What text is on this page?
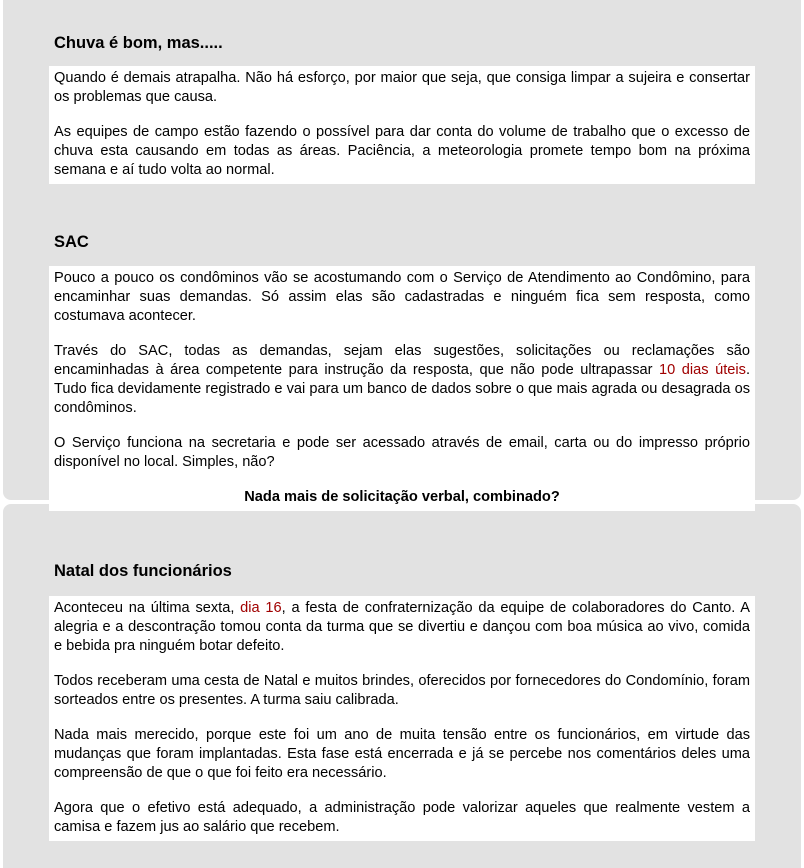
Chuva é bom, mas.....

Quando é demais atrapalha. Não há esforço, por maior que seja, que consiga limpar a sujeira e consertar os problemas que causa.

As equipes de campo estão fazendo o possível para dar conta do volume de trabalho que o excesso de chuva esta causando em todas as áreas. Paciência, a meteorologia promete tempo bom na próxima semana e aí tudo volta ao normal.

SAC

Pouco a pouco os condôminos vão se acostumando com o Serviço de Atendimento ao Condômino, para encaminhar suas demandas. Só assim elas são cadastradas e ninguém fica sem resposta, como costumava acontecer.

Través do SAC, todas as demandas, sejam elas sugestões, solicitações ou reclamações são encaminhadas à área competente para instrução da resposta, que não pode ultrapassar 10 dias úteis. Tudo fica devidamente registrado e vai para um banco de dados sobre o que mais agrada ou desagrada os condôminos.

O Serviço funciona na secretaria e pode ser acessado através de email, carta ou do impresso próprio disponível no local. Simples, não?

Nada mais de solicitação verbal, combinado?

Natal dos funcionários

Aconteceu na última sexta, dia 16, a festa de confraternização da equipe de colaboradores do Canto. A alegria e a descontração tomou conta da turma que se divertiu e dançou com boa música ao vivo, comida e bebida pra ninguém botar defeito.

Todos receberam uma cesta de Natal e muitos brindes, oferecidos por fornecedores do Condomínio, foram sorteados entre os presentes. A turma saiu calibrada.

Nada mais merecido, porque este foi um ano de muita tensão entre os funcionários, em virtude das mudanças que foram implantadas. Esta fase está encerrada e já se percebe nos comentários deles uma compreensão de que o que foi feito era necessário.

Agora que o efetivo está adequado, a administração pode valorizar aqueles que realmente vestem a camisa e fazem jus ao salário que recebem.
